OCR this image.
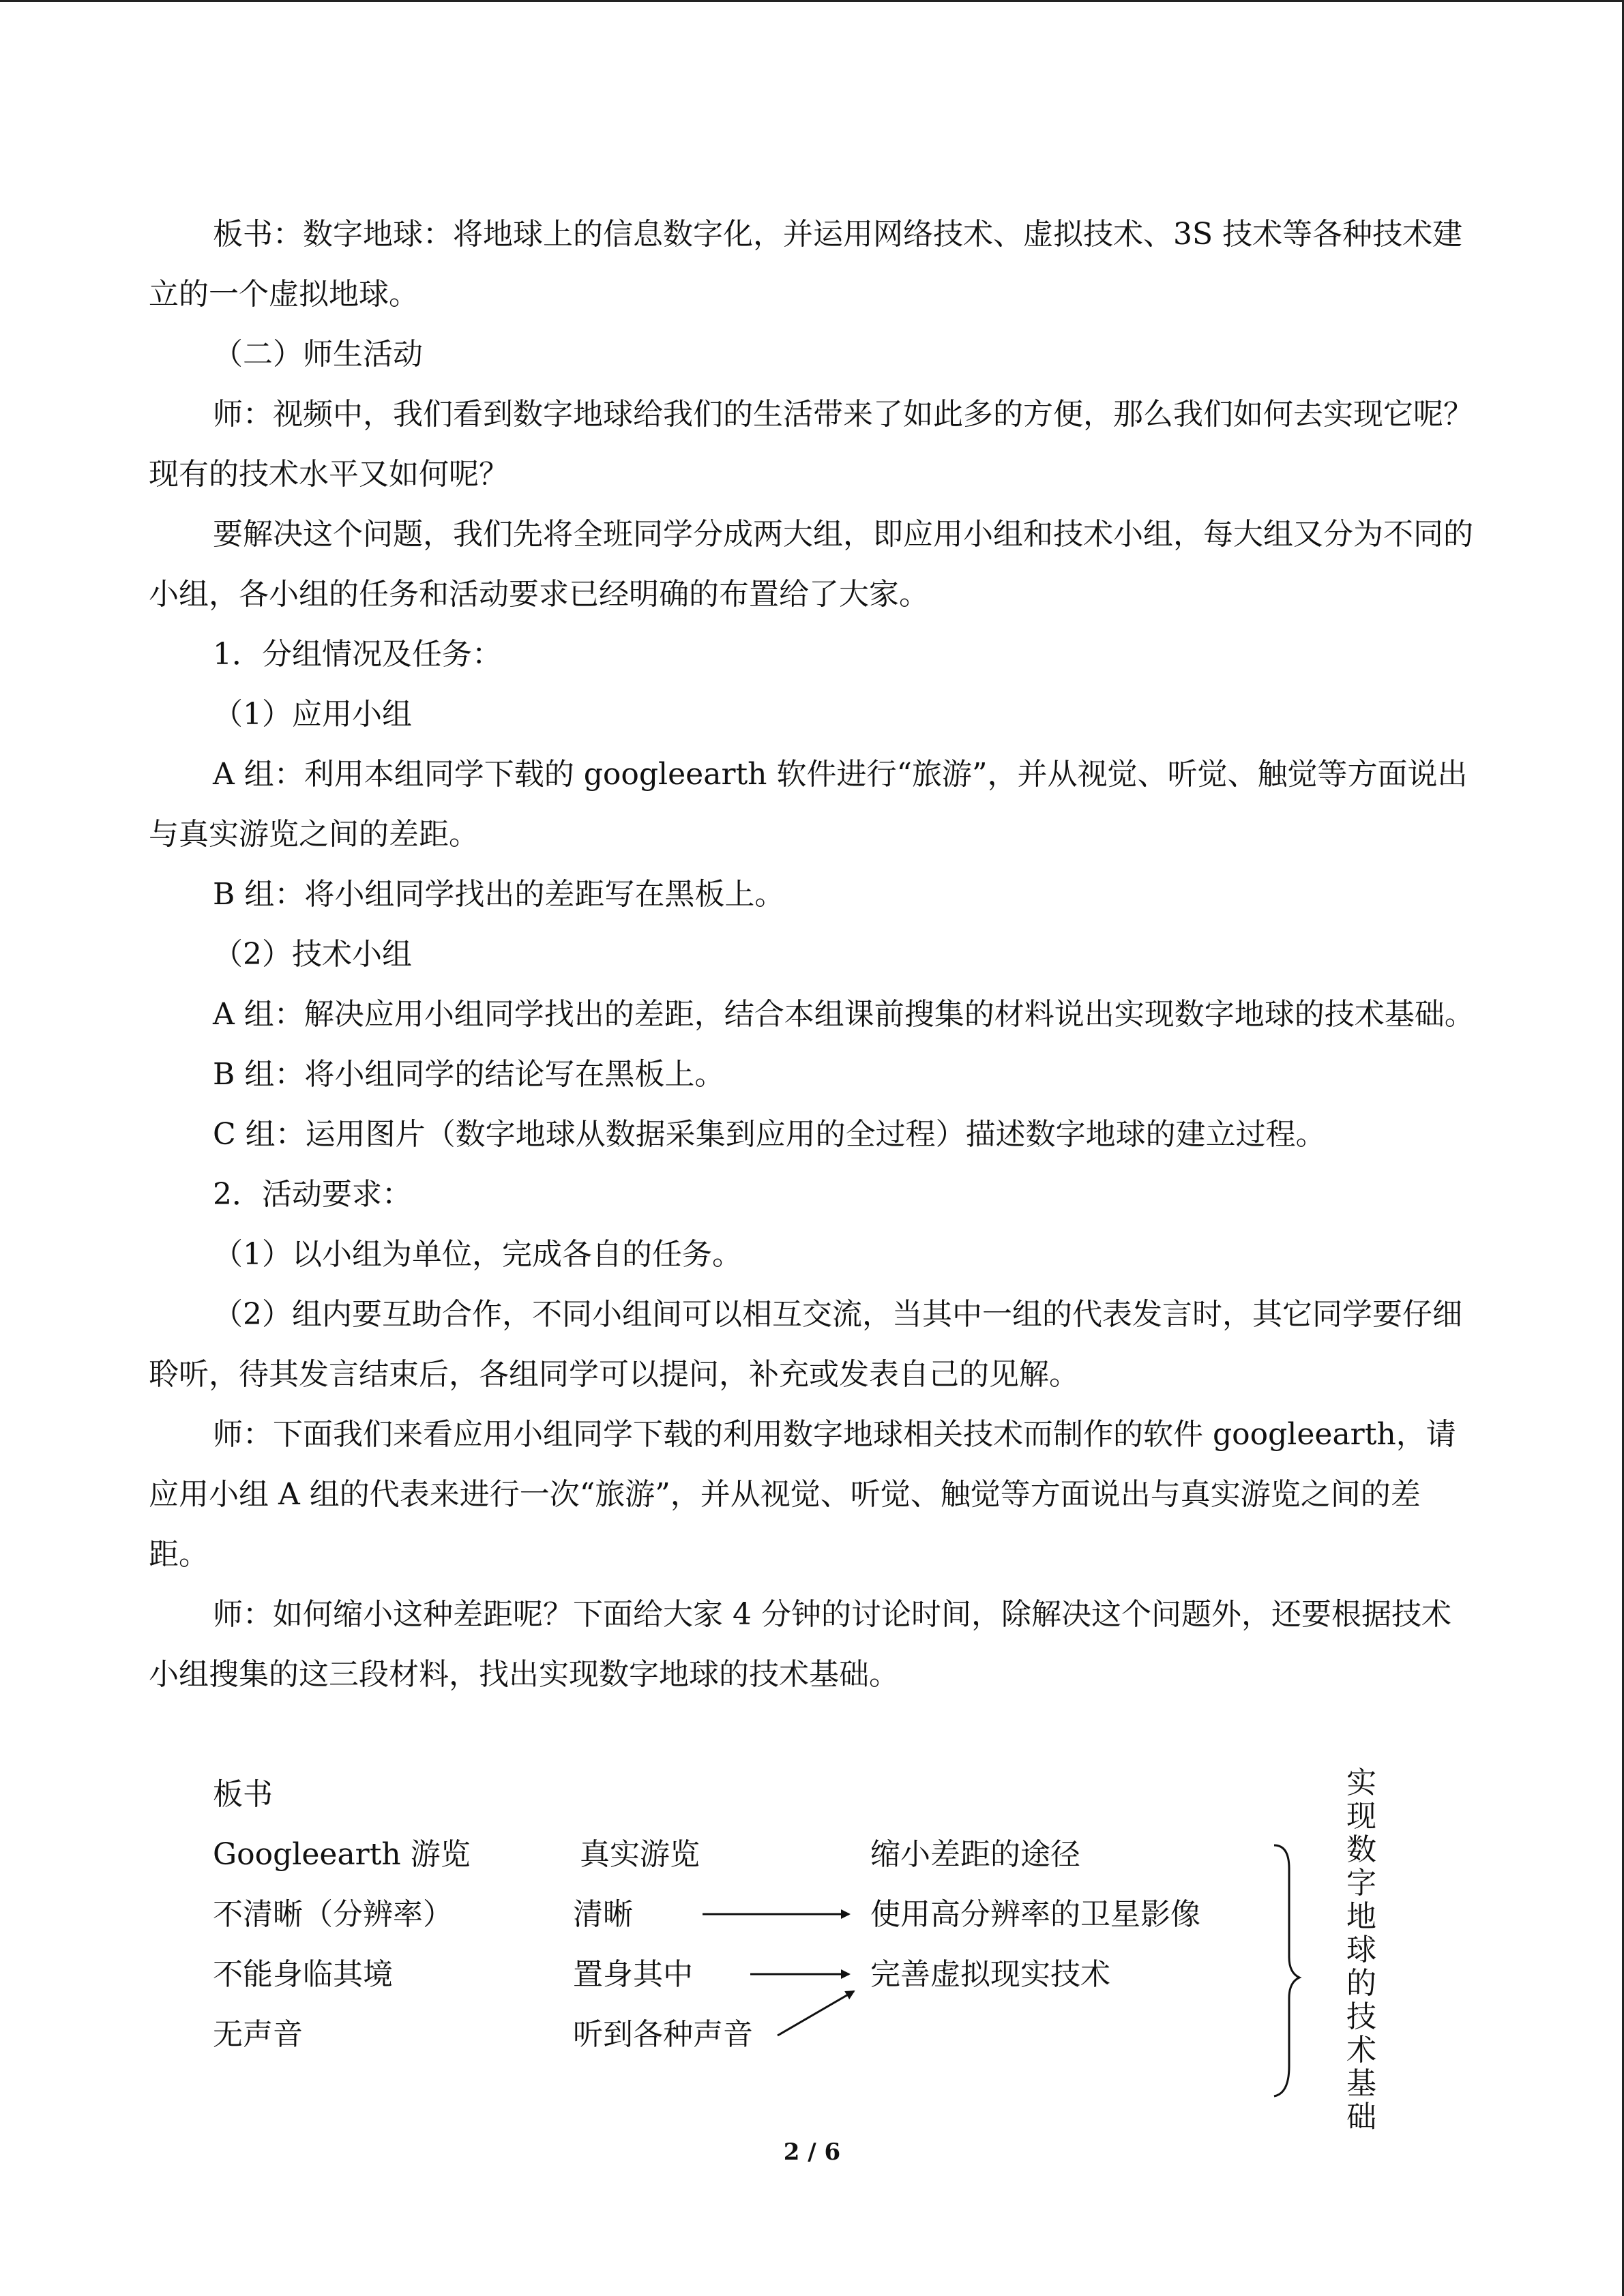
板书：数字地球：将地球上的信息数字化，并运用网络技术、虚拟技术、3S 技术等各种技术建立的一个虚拟地球。

（二）师生活动

师：视频中，我们看到数字地球给我们的生活带来了如此多的方便，那么我们如何去实现它呢？现有的技术水平又如何呢？

要解决这个问题，我们先将全班同学分成两大组，即应用小组和技术小组，每大组又分为不同的小组，各小组的任务和活动要求已经明确的布置给了大家。

1．分组情况及任务：

（1）应用小组

A 组：利用本组同学下载的 googleearth 软件进行“旅游”，并从视觉、听觉、触觉等方面说出与真实游览之间的差距。

B 组：将小组同学找出的差距写在黑板上。

（2）技术小组

A 组：解决应用小组同学找出的差距，结合本组课前搜集的材料说出实现数字地球的技术基础。

B 组：将小组同学的结论写在黑板上。

C 组：运用图片（数字地球从数据采集到应用的全过程）描述数字地球的建立过程。

2．活动要求：

（1）以小组为单位，完成各自的任务。

（2）组内要互助合作，不同小组间可以相互交流，当其中一组的代表发言时，其它同学要仔细聆听，待其发言结束后，各组同学可以提问，补充或发表自己的见解。

师：下面我们来看应用小组同学下载的利用数字地球相关技术而制作的软件 googleearth，请应用小组 A 组的代表来进行一次“旅游”，并从视觉、听觉、触觉等方面说出与真实游览之间的差距。

师：如何缩小这种差距呢？下面给大家 4 分钟的讨论时间，除解决这个问题外，还要根据技术小组搜集的这三段材料，找出实现数字地球的技术基础。

板书
Googleearth 游览	真实游览	缩小差距的途径
不清晰（分辨率）	清晰	使用高分辨率的卫星影像
不能身临其境	置身其中	完善虚拟现实技术
无声音	听到各种声音
实现数字地球的技术基础
2 / 6
